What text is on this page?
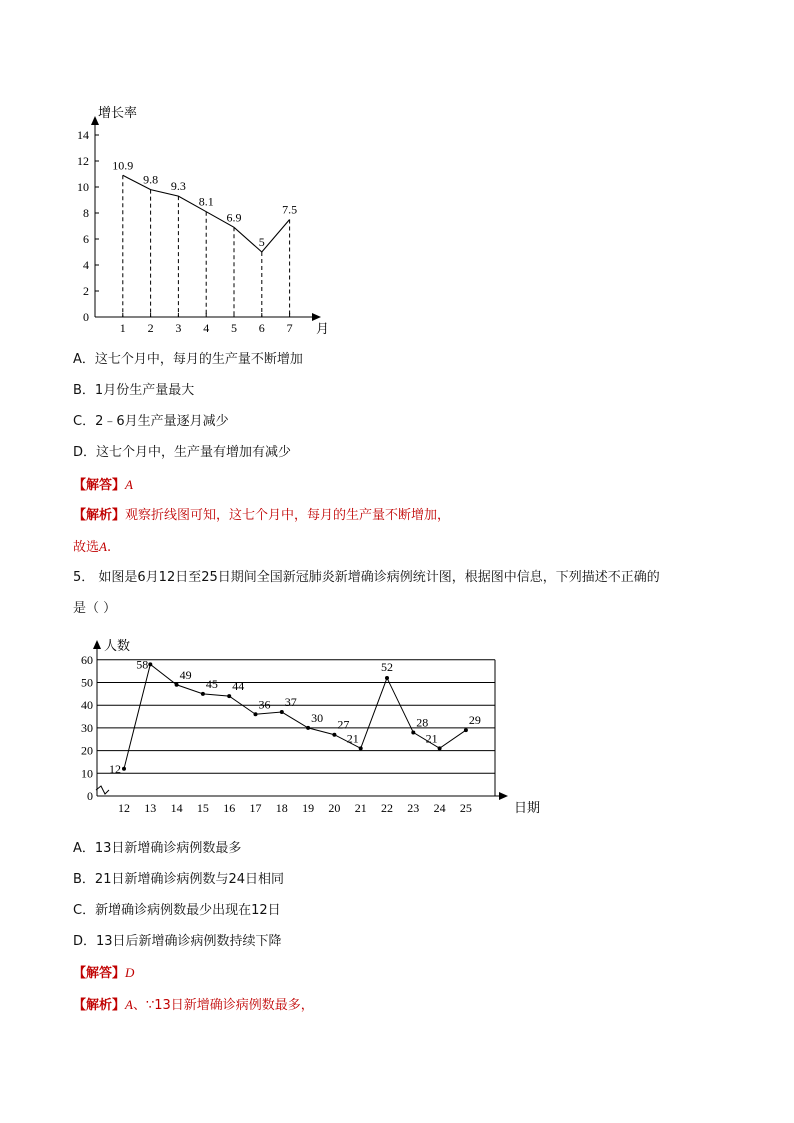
增长率
月
0
2
4
6
8
10
12
14
1 2 3 4 5 6 7
10.9
9.8 9.3
8.1
6.9
5
7.5
A．这七个月中，每月的生产量不断增加
B．1月份生产量最大
C．2﹣6月生产量逐月减少
D．这七个月中，生产量有增加有减少
【解答】A
【解析】观察折线图可知，这七个月中，每月的生产量不断增加，
故选A.
5． 如图是6月12日至25日期间全国新冠肺炎新增确诊病例统计图，根据图中信息，下列描述不正确的
是（ ）
0
10
20
30
40
50
60
人数
日期
12 13 14 15 16 17 18 19 20 21 22 23 24 25
12
58
49
45 44
36 37
30 27
21
52
28
21
29
A．13日新增确诊病例数最多
B．21日新增确诊病例数与24日相同
C．新增确诊病例数最少出现在12日
D．13日后新增确诊病例数持续下降
【解答】D
【解析】A、∵13日新增确诊病例数最多，
